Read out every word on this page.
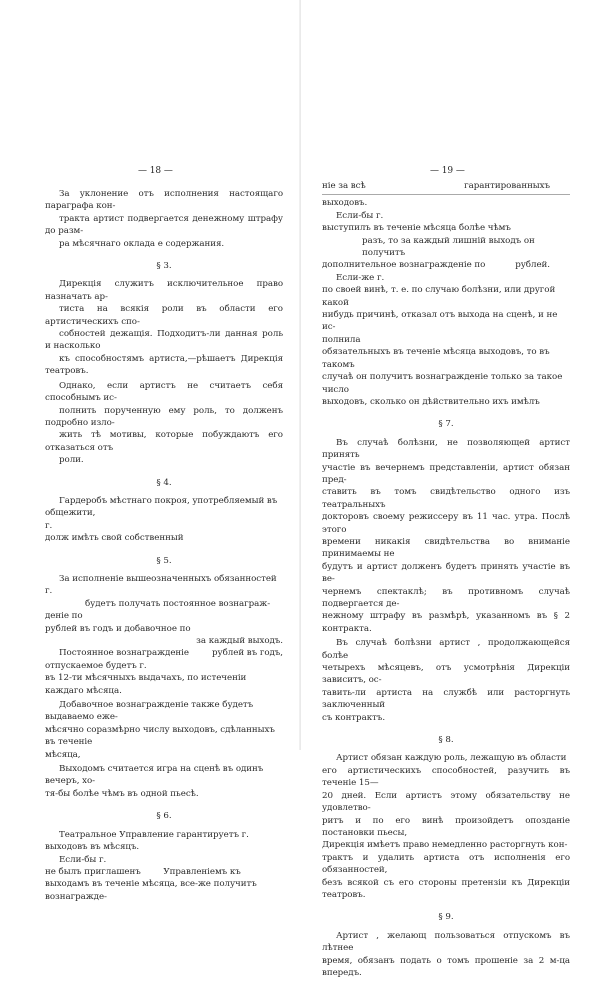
— 18 —
За уклонение отъ исполнения настоящаго параграфа кон-
тракта артист подвергается денежному штрафу до разм-
ра мѣсячнаго оклада е содержания.
§ 3.
Дирекція служитъ исключительное право назначать ар-
тиста на всякія роли въ области его артистическихъ спо-
собностей дежащія. Подходитъ-ли данная роль и насколько
къ способностямъ артиста,—рѣшаетъ Дирекція театровъ.
Однако, если артистъ не считаетъ себя способнымъ ис-
полнить порученную ему роль, то долженъ подробно изло-
жить тѣ мотивы, которые побуждаютъ его отказаться отъ
роли.
§ 4.
Гардеробъ мѣстнаго покроя, употребляемый въ общежити,
г.
долж имѣть свой собственный
§ 5.
За исполненіе вышеозначенныхъ обязанностей г.
будетъ получать постоянное вознаграж-
деніе по
рублей въ годъ и добавочное по
за каждый выходъ.
Постоянное вознагражденіе	рублей въ годъ,
отпускаемое будетъ г.
въ 12-ти мѣсячныхъ выдачахъ, по истеченіи каждаго мѣсяца.
Добавочное вознагражденіе также будетъ выдаваемо еже-
мѣсячно соразмѣрно числу выходовъ, сдѣланныхъ въ теченіе
мѣсяца,
Выходомъ считается игра на сценѣ въ одинъ вечеръ, хо-
тя-бы болѣе чѣмъ въ одной пьесѣ.
§ 6.
Театральное Управление гарантируетъ г.
выходовъ въ мѣсяцъ.
Если-бы г.
не былъ приглашенъ	Управленіемъ къ
выходамъ въ теченіе мѣсяца, все-же получитъ вознагражде-
— 19 —
ніе за всѣ	гарантированныхъ
выходовъ.
Если-бы г.
выступилъ въ теченіе мѣсяца болѣе чѣмъ
разъ, то за каждый лишній выходъ он получитъ
дополнительное вознагражденіе по	рублей.
Если-же г.
по своей винѣ, т. е. по случаю болѣзни, или другой какой
нибудь причинѣ, отказал отъ выхода на сценѣ, и не ис-
полнила
обязательныхъ въ теченіе мѣсяца выходовъ, то въ такомъ
случаѣ он получитъ вознагражденіе только за такое число
выходовъ, сколько он дѣйствительно ихъ имѣлъ
§ 7.
Въ случаѣ болѣзни, не позволяющей артист принять
участіе въ вечернемъ представленіи, артист обязан пред-
ставить въ томъ свидѣтельство одного изъ театральныхъ
докторовъ своему режиссеру въ 11 час. утра. Послѣ этого
времени никакія свидѣтельства во вниманіе принимаемы не
будутъ и артист долженъ будетъ принять участіе въ ве-
чернемъ спектаклѣ; въ противномъ случаѣ подвергается де-
нежному штрафу въ размѣрѣ, указанномъ въ § 2 контракта.
Въ случаѣ болѣзни артист , продолжающейся болѣе
четырехъ мѣсяцевъ, отъ усмотрѣнія Дирекціи зависитъ, ос-
тавить-ли артиста на службѣ или расторгнуть заключенный
съ контрактъ.
§ 8.
Артист обязан каждую роль, лежащую въ области
его артистическихъ способностей, разучить въ теченіе 15—
20 дней. Если артистъ этому обязательству не удовлетво-
ритъ и по его винѣ произойдетъ опозданіе постановки пьесы,
Дирекція имѣетъ право немедленно расторгнуть кон-
трактъ и удалить артиста отъ исполненія его обязанностей,
безъ всякой съ его стороны претензіи къ Дирекціи театровъ.
§ 9.
Артист , желающ пользоваться отпускомъ въ лѣтнее
время, обязанъ подать о томъ прошеніе за 2 м-ца впередъ.
